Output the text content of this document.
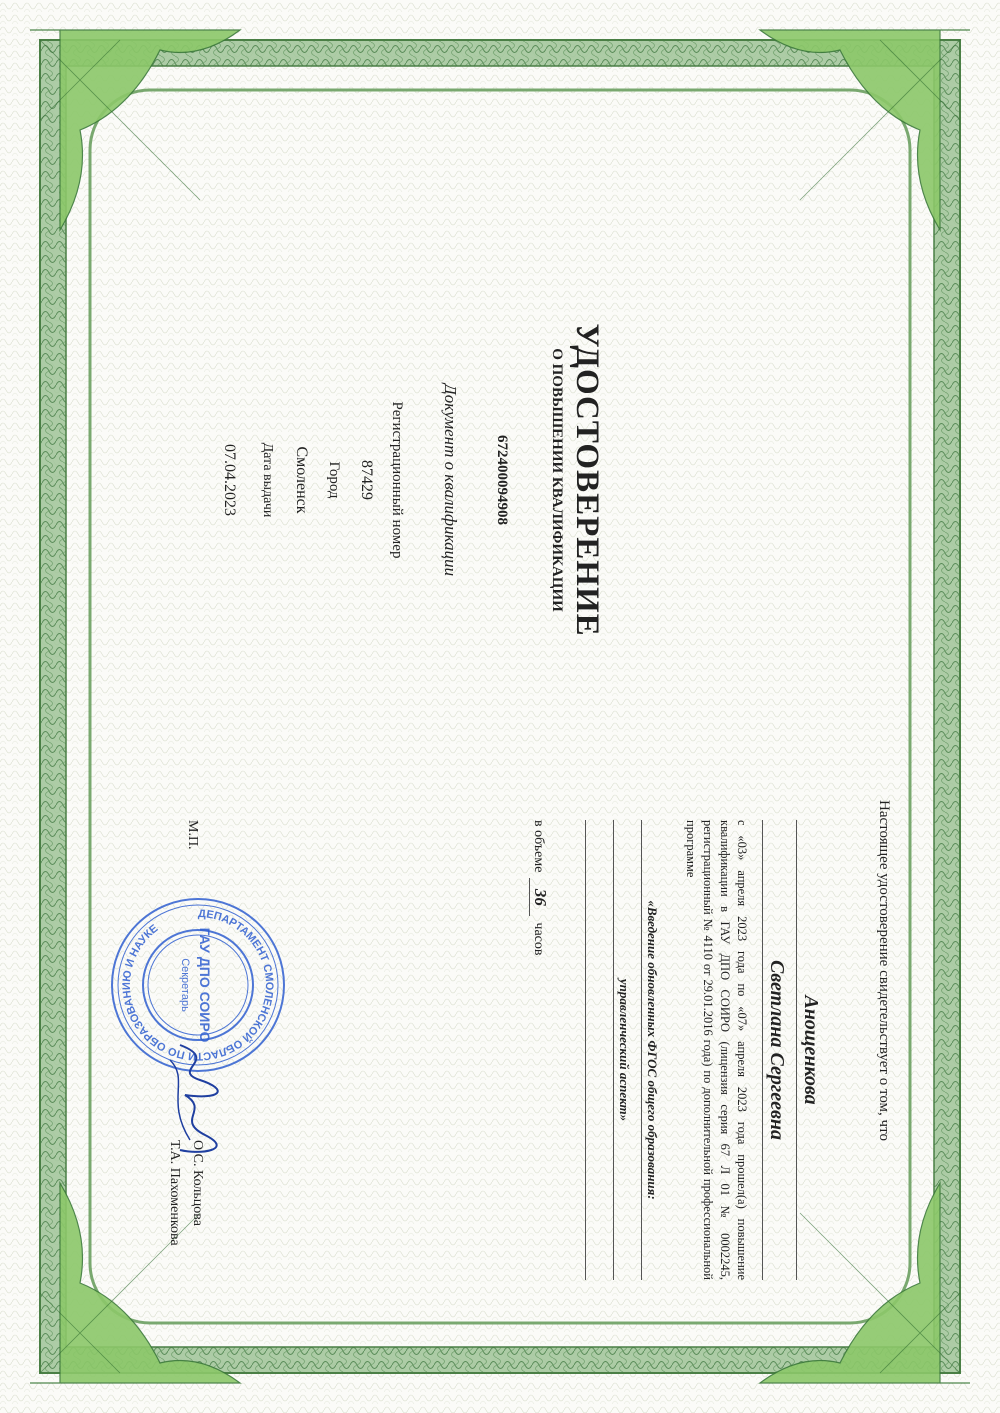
УДОСТОВЕРЕНИЕ
О ПОВЫШЕНИИ КВАЛИФИКАЦИИ
672400094908
Документ о квалификации
Регистрационный номер
87429
Город
Смоленск
Дата выдачи
07.04.2023
Настоящее удостоверение свидетельствует о том, что
Анощенкова
Светлана Сергеевна
с «03» апреля 2023 года по «07» апреля 2023 года прошел(а) повышение квалификации в ГАУ ДПО СОИРО (лицензия серия 67 Л 01 № 0002245, регистрационный № 4110 от 29.01.2016 года) по дополнительной профессиональной программе
«Введение обновленных ФГОС общего образования:
управленческий аспект»
в объеме36часов
М.П.
О.С. Кольцова
Т.А. Пахоменкова
ДЕПАРТАМЕНТ СМОЛЕНСКОЙ ОБЛАСТИ ПО ОБРАЗОВАНИЮ И НАУКЕ	ГАУ ДПО СОИРО
Секретарь
